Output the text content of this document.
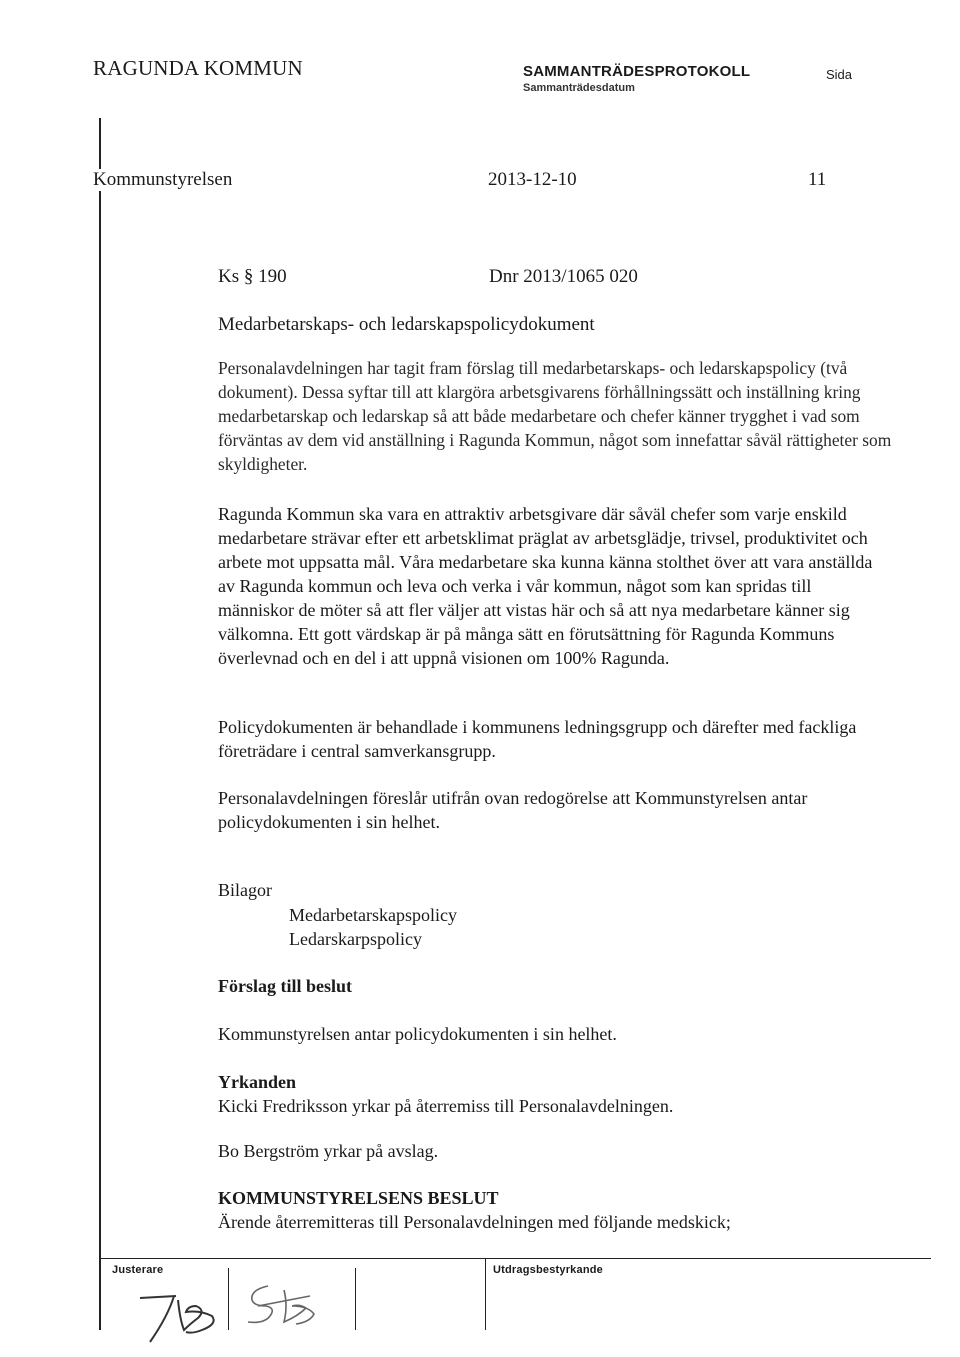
RAGUNDA KOMMUN	SAMMANTRÄDESPROTOKOLL
Sammanträdesdatum
Sida
Kommunstyrelsen	2013-12-10	11
Ks § 190	Dnr 2013/1065 020
Medarbetarskaps- och ledarskapspolicydokument

Personalavdelningen har tagit fram förslag till medarbetarskaps- och ledarskapspolicy (två dokument). Dessa syftar till att klargöra arbetsgivarens förhållningssätt och inställning kring medarbetarskap och ledarskap så att både medarbetare och chefer känner trygghet i vad som förväntas av dem vid anställning i Ragunda Kommun, något som innefattar såväl rättigheter som skyldigheter.

Ragunda Kommun ska vara en attraktiv arbetsgivare där såväl chefer som varje enskild medarbetare strävar efter ett arbetsklimat präglat av arbetsglädje, trivsel, produktivitet och arbete mot uppsatta mål. Våra medarbetare ska kunna känna stolthet över att vara anställda av Ragunda kommun och leva och verka i vår kommun, något som kan spridas till människor de möter så att fler väljer att vistas här och så att nya medarbetare känner sig välkomna. Ett gott värdskap är på många sätt en förutsättning för Ragunda Kommuns överlevnad och en del i att uppnå visionen om 100% Ragunda.

Policydokumenten är behandlade i kommunens ledningsgrupp och därefter med fackliga företrädare i central samverkansgrupp.

Personalavdelningen föreslår utifrån ovan redogörelse att Kommunstyrelsen antar policydokumenten i sin helhet.

Bilagor
Medarbetarskapspolicy
Ledarskarpspolicy
Förslag till beslut
Kommunstyrelsen antar policydokumenten i sin helhet.
Yrkanden
Kicki Fredriksson yrkar på återremiss till Personalavdelningen.
Bo Bergström yrkar på avslag.
KOMMUNSTYRELSENS BESLUT
Ärende återremitteras till Personalavdelningen med följande medskick;
Justerare	Utdragsbestyrkande
